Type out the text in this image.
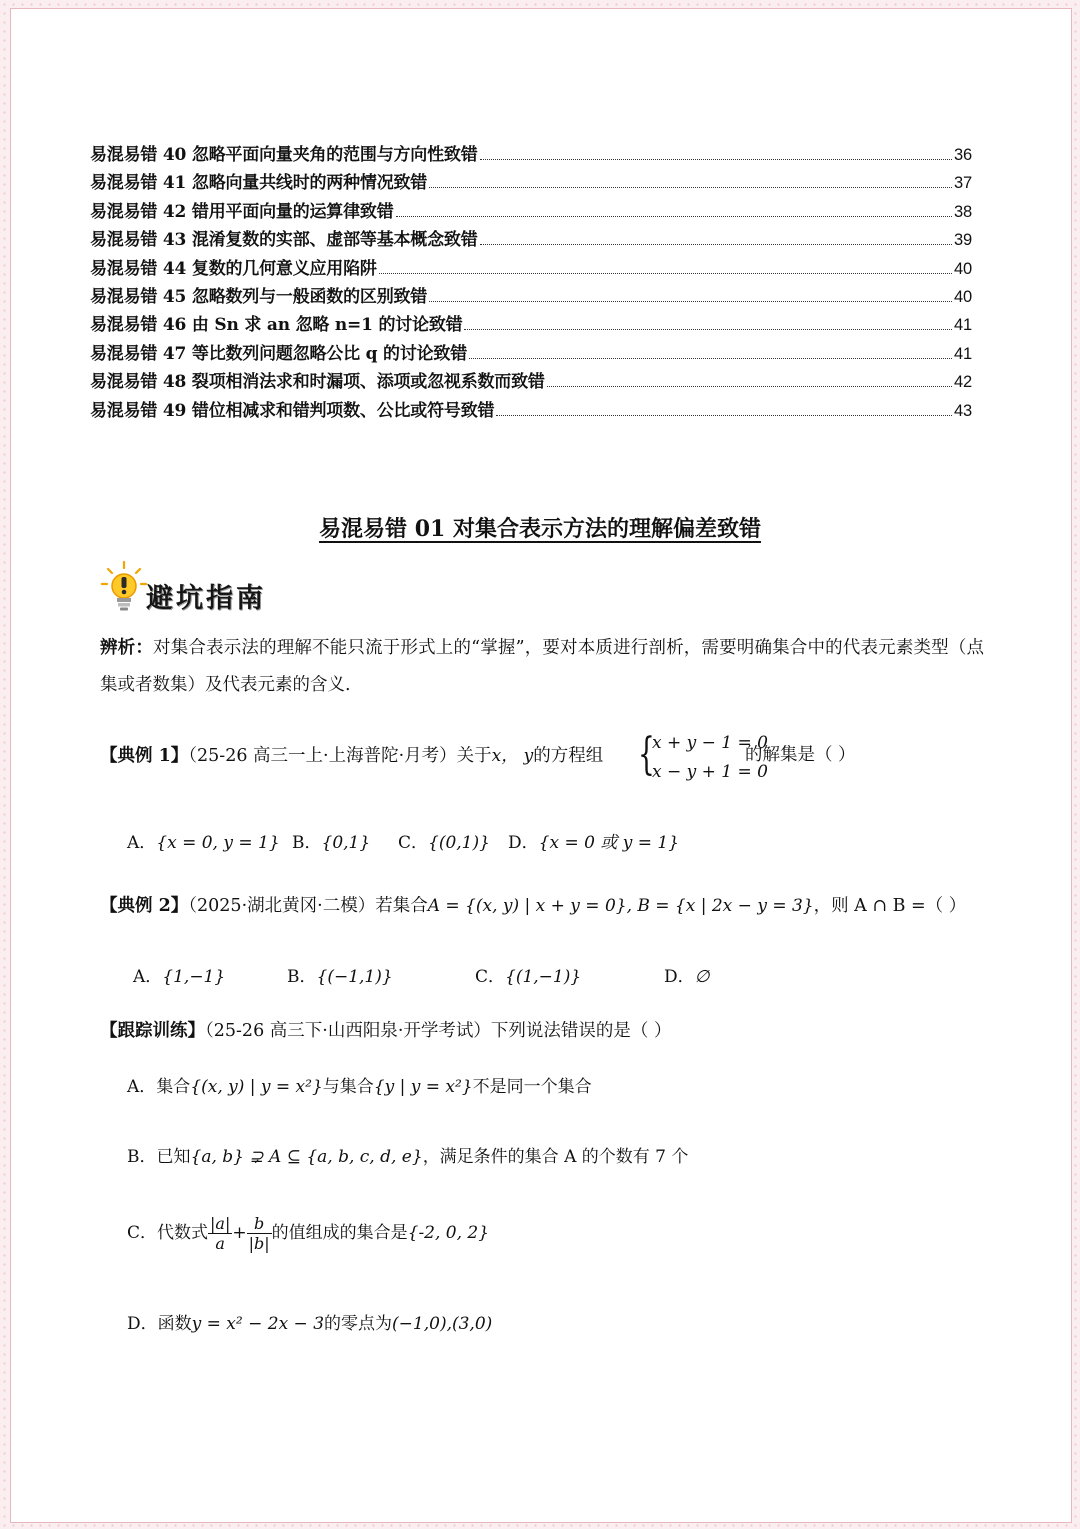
易混易错 40 忽略平面向量夹角的范围与方向性致错	36
易混易错 41 忽略向量共线时的两种情况致错	37
易混易错 42 错用平面向量的运算律致错	38
易混易错 43 混淆复数的实部、虚部等基本概念致错	39
易混易错 44 复数的几何意义应用陷阱	40
易混易错 45 忽略数列与一般函数的区别致错	40
易混易错 46 由 Sn 求 an 忽略 n=1 的讨论致错	41
易混易错 47 等比数列问题忽略公比 q 的讨论致错	41
易混易错 48 裂项相消法求和时漏项、添项或忽视系数而致错	42
易混易错 49 错位相减求和错判项数、公比或符号致错	43
易混易错 01 对集合表示方法的理解偏差致错
避坑指南
辨析：对集合表示法的理解不能只流于形式上的“掌握”，要对本质进行剖析，需要明确集合中的代表元素类型（点集或者数集）及代表元素的含义.
【典例 1】（25-26 高三一上·上海普陀·月考）关于x， y的方程组 {
x + y − 1 = 0
x − y + 1 = 0
的解集是（ ）
A．{x = 0, y = 1} B．{0,1} C．{(0,1)} D．{x = 0 或 y = 1}
【典例 2】（2025·湖北黄冈·二模）若集合A = {(x, y) | x + y = 0}, B = {x | 2x − y = 3}，则 A ∩ B =（ ）
A．{1,−1}	B．{(−1,1)}	C．{(1,−1)}	D．∅
【跟踪训练】（25-26 高三下·山西阳泉·开学考试）下列说法错误的是（ ）
A．集合{(x, y) | y = x²}与集合{y | y = x²}不是同一个集合
B．已知{a, b} ⊋ A ⊆ {a, b, c, d, e}，满足条件的集合 A 的个数有 7 个
C．代数式 $\frac{|a|}{a} + \frac{b}{|b|}$ 的值组成的集合是{-2, 0, 2}
D．函数y = x² − 2x − 3的零点为(−1,0),(3,0)
